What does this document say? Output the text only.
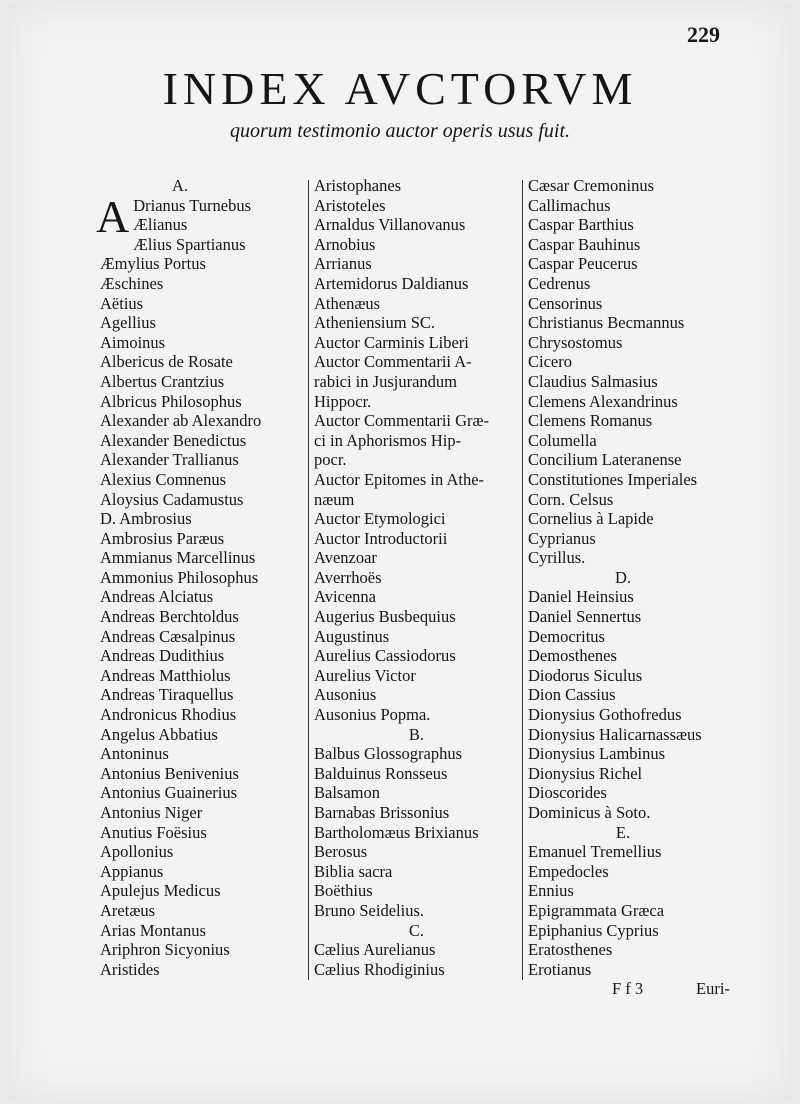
229
INDEX AVCTORVM
quorum testimonio auctor operis usus fuit.
A.
A Drianus Turnebus
Ælianus
Ælius Spartianus
Æmylius Portus
Æschines
Aëtius
Agellius
Aimoinus
Albericus de Rosate
Albertus Crantzius
Albricus Philosophus
Alexander ab Alexandro
Alexander Benedictus
Alexander Trallianus
Alexius Comnenus
Aloysius Cadamustus
D. Ambrosius
Ambrosius Paræus
Ammianus Marcellinus
Ammonius Philosophus
Andreas Alciatus
Andreas Berchtoldus
Andreas Cæsalpinus
Andreas Dudithius
Andreas Matthiolus
Andreas Tiraquellus
Andronicus Rhodius
Angelus Abbatius
Antoninus
Antonius Benivenius
Antonius Guainerius
Antonius Niger
Anutius Foësius
Apollonius
Appianus
Apulejus Medicus
Aretæus
Arias Montanus
Ariphron Sicyonius
Aristides
Aristophanes
Aristoteles
Arnaldus Villanovanus
Arnobius
Arrianus
Artemidorus Daldianus
Athenæus
Atheniensium SC.
Auctor Carminis Liberi
Auctor Commentarii A-
rabici in Jusjurandum
Hippocr.
Auctor Commentarii Græ-
ci in Aphorismos Hip-
pocr.
Auctor Epitomes in Athe-
næum
Auctor Etymologici
Auctor Introductorii
Avenzoar
Averrhoës
Avicenna
Augerius Busbequius
Augustinus
Aurelius Cassiodorus
Aurelius Victor
Ausonius
Ausonius Popma.
B.
Balbus Glossographus
Balduinus Ronsseus
Balsamon
Barnabas Brissonius
Bartholomæus Brixianus
Berosus
Biblia sacra
Boëthius
Bruno Seidelius.
C.
Cælius Aurelianus
Cælius Rhodiginius
Cæsar Cremoninus
Callimachus
Caspar Barthius
Caspar Bauhinus
Caspar Peucerus
Cedrenus
Censorinus
Christianus Becmannus
Chrysostomus
Cicero
Claudius Salmasius
Clemens Alexandrinus
Clemens Romanus
Columella
Concilium Lateranense
Constitutiones Imperiales
Corn. Celsus
Cornelius à Lapide
Cyprianus
Cyrillus.
D.
Daniel Heinsius
Daniel Sennertus
Democritus
Demosthenes
Diodorus Siculus
Dion Cassius
Dionysius Gothofredus
Dionysius Halicarnassæus
Dionysius Lambinus
Dionysius Richel
Dioscorides
Dominicus à Soto.
E.
Emanuel Tremellius
Empedocles
Ennius
Epigrammata Græca
Epiphanius Cyprius
Eratosthenes
Erotianus
F f 3	Euri-
